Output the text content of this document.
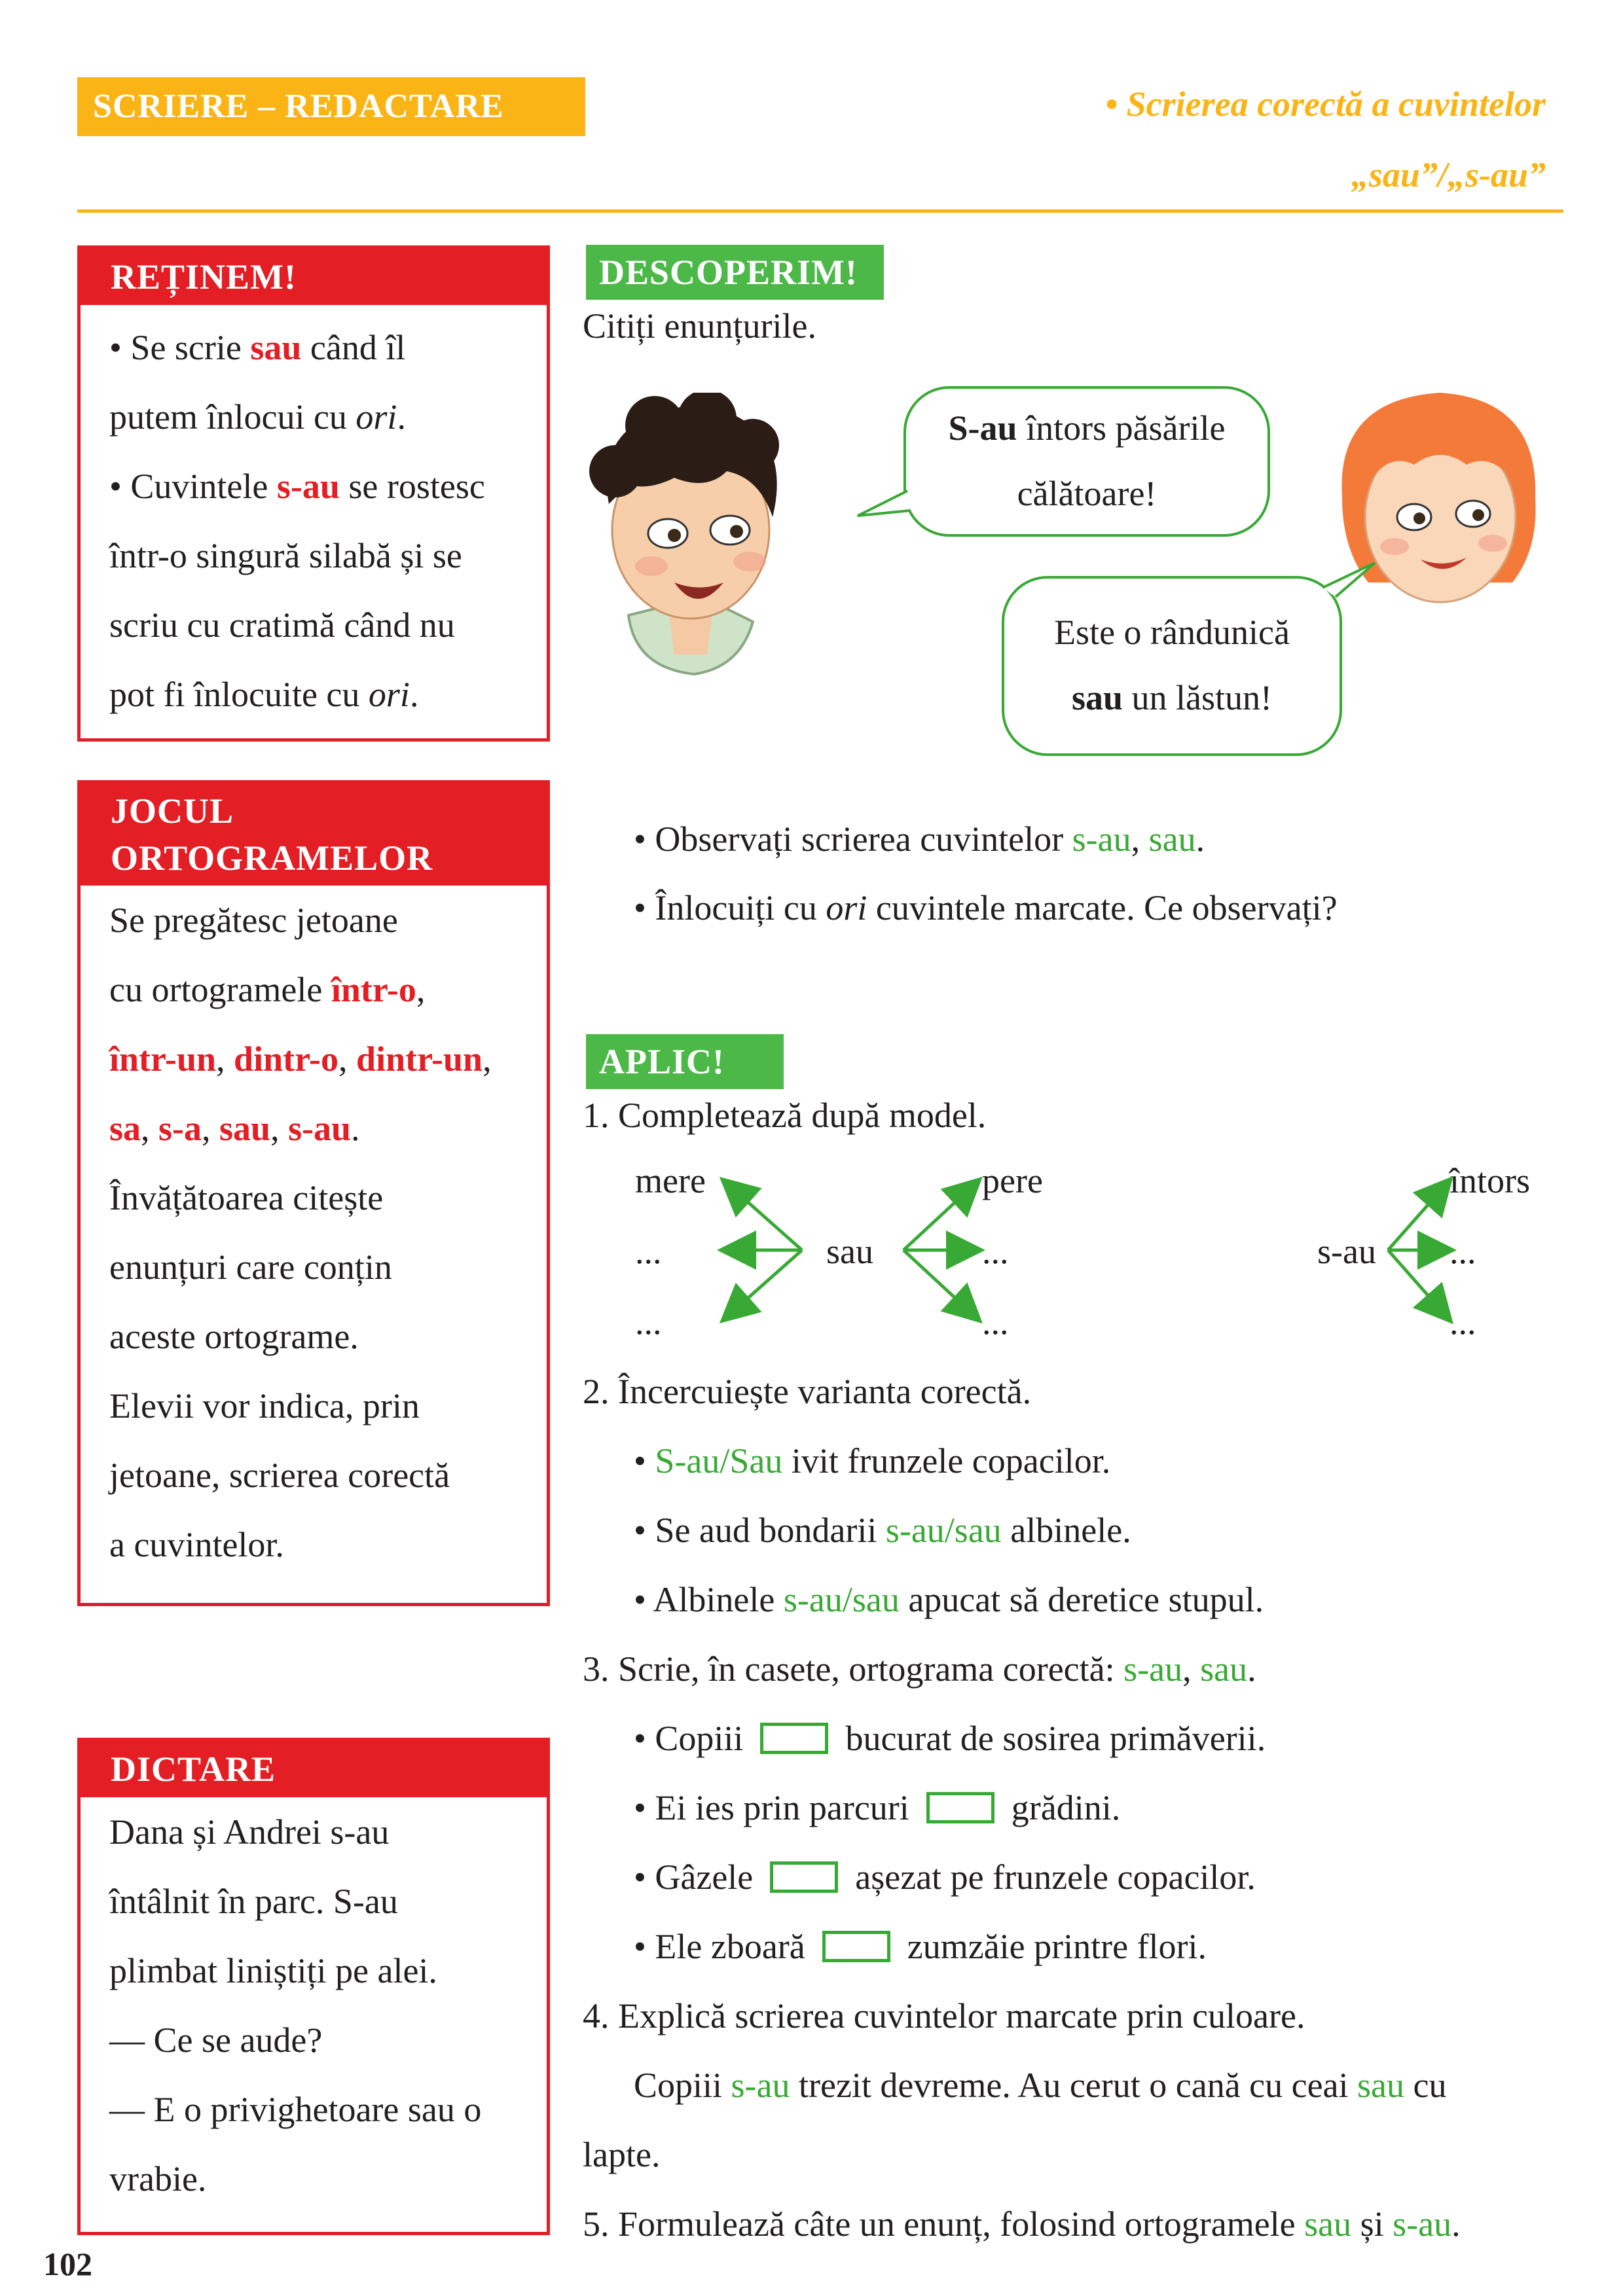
SCRIERE – REDACTARE	• Scrierea corectă a cuvintelor
„sau”/„s-au”
REȚINEM!
• Se scrie sau când îl
putem înlocui cu ori.
• Cuvintele s-au se rostesc
într-o singură silabă și se
scriu cu cratimă când nu
pot fi înlocuite cu ori.
JOCUL
ORTOGRAMELOR
Se pregătesc jetoane
cu ortogramele într-o,
într-un, dintr-o, dintr-un,
sa, s-a, sau, s-au.
Învățătoarea citește
enunțuri care conțin
aceste ortograme.
Elevii vor indica, prin
jetoane, scrierea corectă
a cuvintelor.
DICTARE
Dana și Andrei s-au
întâlnit în parc. S-au
plimbat liniștiți pe alei.
— Ce se aude?
— E o privighetoare sau o
vrabie.
DESCOPERIM!
Citiți enunțurile.
S-au întors păsările
călătoare!
Este o rândunică
sau un lăstun!
• Observați scrierea cuvintelor s-au, sau.
• Înlocuiți cu ori cuvintele marcate. Ce observați?
APLIC!
1. Completează după model.
mere
...
...
sau
pere
...
...
s-au
întors
...
...
2. Încercuiește varianta corectă.
• S-au/Sau ivit frunzele copacilor.
• Se aud bondarii s-au/sau albinele.
• Albinele s-au/sau apucat să deretice stupul.
3. Scrie, în casete, ortograma corectă: s-au, sau.
• Copiii	bucurat de sosirea primăverii.
• Ei ies prin parcuri	grădini.
• Gâzele	așezat pe frunzele copacilor.
• Ele zboară	zumzăie printre flori.
4. Explică scrierea cuvintelor marcate prin culoare.
Copiii s-au trezit devreme. Au cerut o cană cu ceai sau cu
lapte.
5. Formulează câte un enunț, folosind ortogramele sau și s-au.
102
